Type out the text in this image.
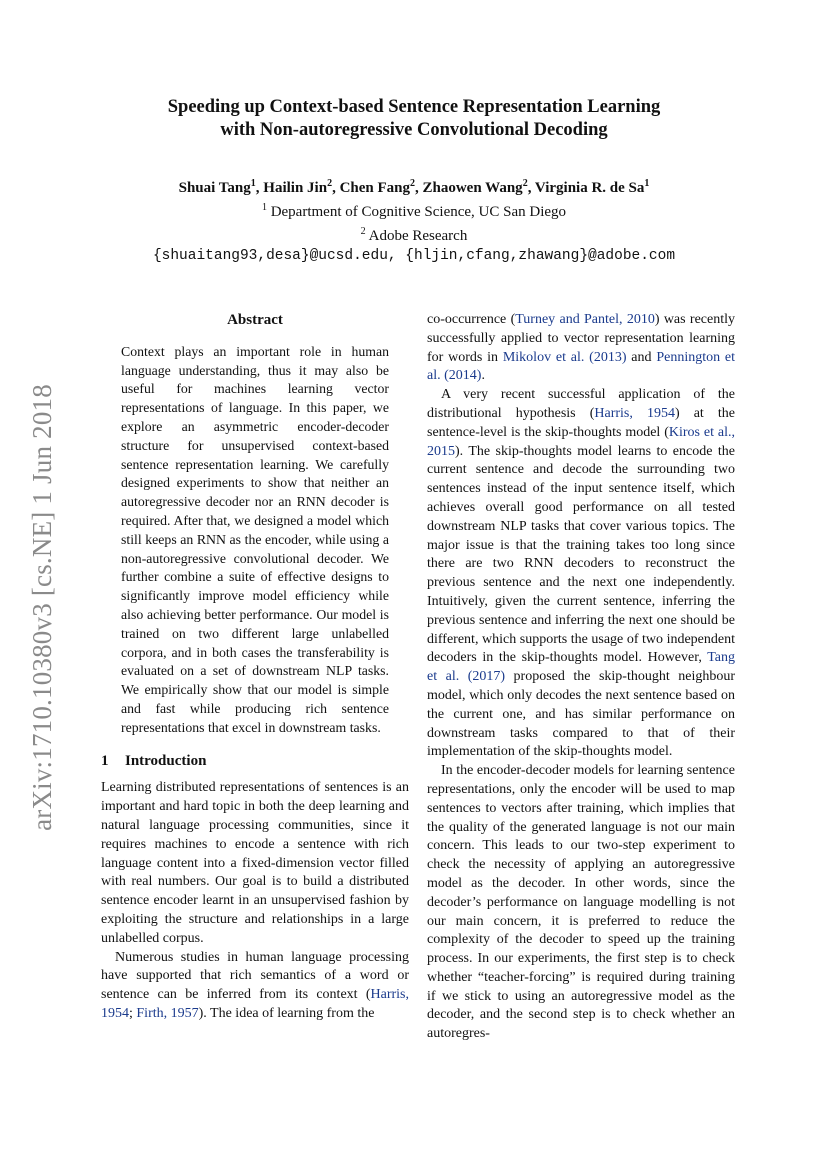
arXiv:1710.10380v3 [cs.NE] 1 Jun 2018
Speeding up Context-based Sentence Representation Learning
with Non-autoregressive Convolutional Decoding
Shuai Tang$^1$, Hailin Jin$^2$, Chen Fang$^2$, Zhaowen Wang$^2$, Virginia R. de Sa$^1$
$^1$ Department of Cognitive Science, UC San Diego
$^2$ Adobe Research
{shuaitang93,desa}@ucsd.edu, {hljin,cfang,zhawang}@adobe.com
Abstract

Context plays an important role in human language understanding, thus it may also be useful for machines learning vector representations of language. In this paper, we explore an asymmetric encoder-decoder structure for unsupervised context-based sentence representation learning. We carefully designed experiments to show that neither an autoregressive decoder nor an RNN decoder is required. After that, we designed a model which still keeps an RNN as the encoder, while using a non-autoregressive convolutional decoder. We further combine a suite of effective designs to significantly improve model efficiency while also achieving better performance. Our model is trained on two different large unlabelled corpora, and in both cases the transferability is evaluated on a set of downstream NLP tasks. We empirically show that our model is simple and fast while producing rich sentence representations that excel in downstream tasks.

1 Introduction

Learning distributed representations of sentences is an important and hard topic in both the deep learning and natural language processing communities, since it requires machines to encode a sentence with rich language content into a fixed-dimension vector filled with real numbers. Our goal is to build a distributed sentence encoder learnt in an unsupervised fashion by exploiting the structure and relationships in a large unlabelled corpus.

Numerous studies in human language processing have supported that rich semantics of a word or sentence can be inferred from its context (Harris, 1954; Firth, 1957). The idea of learning from the

co-occurrence (Turney and Pantel, 2010) was recently successfully applied to vector representation learning for words in Mikolov et al. (2013) and Pennington et al. (2014).

A very recent successful application of the distributional hypothesis (Harris, 1954) at the sentence-level is the skip-thoughts model (Kiros et al., 2015). The skip-thoughts model learns to encode the current sentence and decode the surrounding two sentences instead of the input sentence itself, which achieves overall good performance on all tested downstream NLP tasks that cover various topics. The major issue is that the training takes too long since there are two RNN decoders to reconstruct the previous sentence and the next one independently. Intuitively, given the current sentence, inferring the previous sentence and inferring the next one should be different, which supports the usage of two independent decoders in the skip-thoughts model. However, Tang et al. (2017) proposed the skip-thought neighbour model, which only decodes the next sentence based on the current one, and has similar performance on downstream tasks compared to that of their implementation of the skip-thoughts model.

In the encoder-decoder models for learning sentence representations, only the encoder will be used to map sentences to vectors after training, which implies that the quality of the generated language is not our main concern. This leads to our two-step experiment to check the necessity of applying an autoregressive model as the decoder. In other words, since the decoder’s performance on language modelling is not our main concern, it is preferred to reduce the complexity of the decoder to speed up the training process. In our experiments, the first step is to check whether “teacher-forcing” is required during training if we stick to using an autoregressive model as the decoder, and the second step is to check whether an autoregres-
